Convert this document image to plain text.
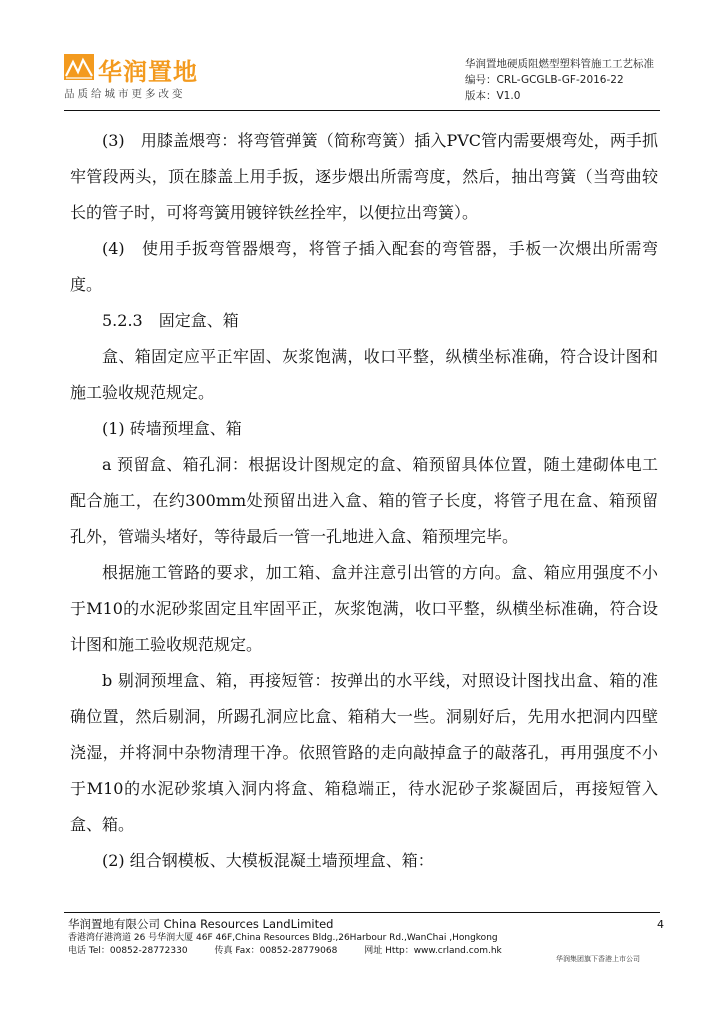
华润置地
品质给城市更多改变
华润置地硬质阻燃型塑料管施工工艺标准
编号：CRL-GCGLB-GF-2016-22
版本：V1.0

(3)　用膝盖煨弯：将弯管弹簧（简称弯簧）插入PVC管内需要煨弯处，两手抓牢管段两头，顶在膝盖上用手扳，逐步煨出所需弯度，然后，抽出弯簧（当弯曲较长的管子时，可将弯簧用镀锌铁丝拴牢，以便拉出弯簧）。

(4)　使用手扳弯管器煨弯，将管子插入配套的弯管器，手板一次煨出所需弯度。

5.2.3　固定盒、箱

盒、箱固定应平正牢固、灰浆饱满，收口平整，纵横坐标准确，符合设计图和施工验收规范规定。

(1) 砖墙预埋盒、箱

a 预留盒、箱孔洞：根据设计图规定的盒、箱预留具体位置，随土建砌体电工配合施工，在约300mm处预留出进入盒、箱的管子长度，将管子甩在盒、箱预留孔外，管端头堵好，等待最后一管一孔地进入盒、箱预埋完毕。

根据施工管路的要求，加工箱、盒并注意引出管的方向。盒、箱应用强度不小于M10的水泥砂浆固定且牢固平正，灰浆饱满，收口平整，纵横坐标准确，符合设计图和施工验收规范规定。

b 剔洞预埋盒、箱，再接短管：按弹出的水平线，对照设计图找出盒、箱的准确位置，然后剔洞，所踢孔洞应比盒、箱稍大一些。洞剔好后，先用水把洞内四壁浇湿，并将洞中杂物清理干净。依照管路的走向敲掉盒子的敲落孔，再用强度不小于M10的水泥砂浆填入洞内将盒、箱稳端正，待水泥砂子浆凝固后，再接短管入盒、箱。

(2) 组合钢模板、大模板混凝土墙预埋盒、箱：

华润置地有限公司 China Resources LandLimited
香港湾仔港湾道 26 号华润大厦 46F 46F,China Resources Bldg.,26Harbour Rd.,WanChai ,Hongkong
电话 Tel：00852-28772330　　　传真 Fax：00852-28779068　　　网址 Http：www.crland.com.hk
4
华润集团旗下香港上市公司
